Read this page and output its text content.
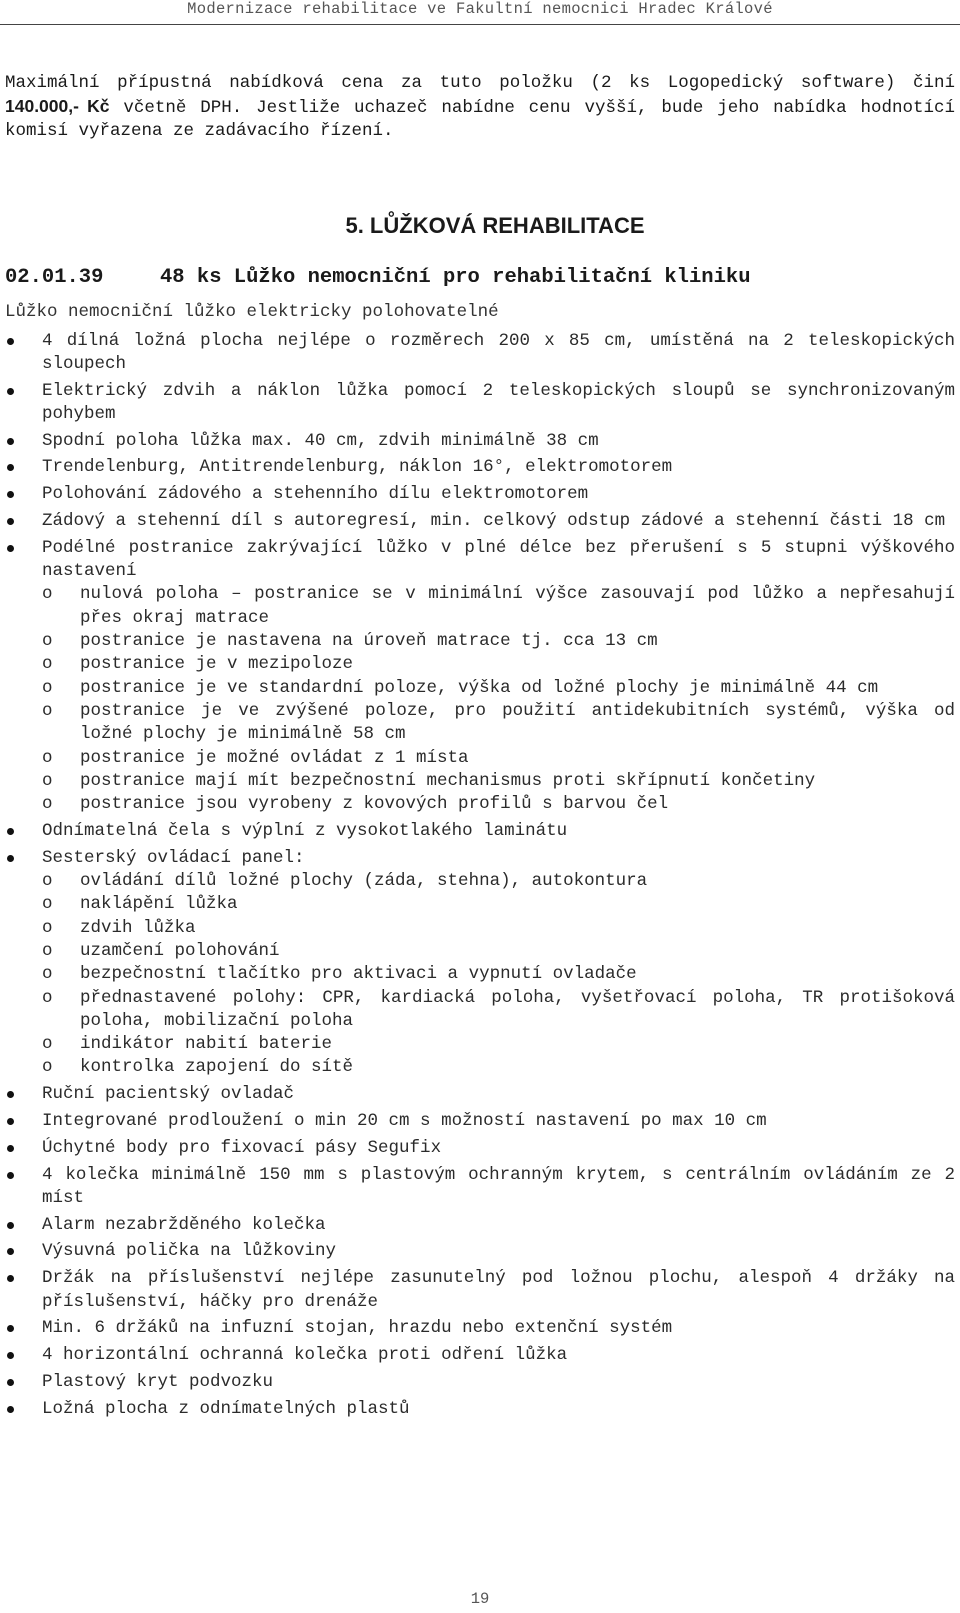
Modernizace rehabilitace ve Fakultní nemocnici Hradec Králové
Maximální přípustná nabídková cena za tuto položku (2 ks Logopedický software) činí 140.000,- Kč včetně DPH. Jestliže uchazeč nabídne cenu vyšší, bude jeho nabídka hodnotící komisí vyřazena ze zadávacího řízení.
5. LŮŽKOVÁ REHABILITACE
02.01.39	48 ks Lůžko nemocniční pro rehabilitační kliniku
Lůžko nemocniční lůžko elektricky polohovatelné
4 dílná ložná plocha nejlépe o rozměrech 200 x 85 cm, umístěná na 2 teleskopických sloupech
Elektrický zdvih a náklon lůžka pomocí 2 teleskopických sloupů se synchronizovaným pohybem
Spodní poloha lůžka max. 40 cm, zdvih minimálně 38 cm
Trendelenburg, Antitrendelenburg, náklon 16°, elektromotorem
Polohování zádového a stehenního dílu elektromotorem
Zádový a stehenní díl s autoregresí, min. celkový odstup zádové a stehenní části 18 cm
Podélné postranice zakrývající lůžko v plné délce bez přerušení s 5 stupni výškového nastavení
o nulová poloha – postranice se v minimální výšce zasouvají pod lůžko a nepřesahují přes okraj matrace
o postranice je nastavena na úroveň matrace tj. cca 13 cm
o postranice je v mezipoloze
o postranice je ve standardní poloze, výška od ložné plochy je minimálně 44 cm
o postranice je ve zvýšené poloze, pro použití antidekubitních systémů, výška od ložné plochy je minimálně 58 cm
o postranice je možné ovládat z 1 místa
o postranice mají mít bezpečnostní mechanismus proti skřípnutí končetiny
o postranice jsou vyrobeny z kovových profilů s barvou čel
Odnímatelná čela s výplní z vysokotlakého laminátu
Sesterský ovládací panel:
o ovládání dílů ložné plochy (záda, stehna), autokontura
o naklápění lůžka
o zdvih lůžka
o uzamčení polohování
o bezpečnostní tlačítko pro aktivaci a vypnutí ovladače
o přednastavené polohy: CPR, kardiacká poloha, vyšetřovací poloha, TR protišoková poloha, mobilizační poloha
o indikátor nabití baterie
o kontrolka zapojení do sítě
Ruční pacientský ovladač
Integrované prodloužení o min 20 cm s možností nastavení po max 10 cm
Úchytné body pro fixovací pásy Segufix
4 kolečka minimálně 150 mm s plastovým ochranným krytem, s centrálním ovládáním ze 2 míst
Alarm nezabržděného kolečka
Výsuvná polička na lůžkoviny
Držák na příslušenství nejlépe zasunutelný pod ložnou plochu, alespoň 4 držáky na příslušenství, háčky pro drenáže
Min. 6 držáků na infuzní stojan, hrazdu nebo extenční systém
4 horizontální ochranná kolečka proti odření lůžka
Plastový kryt podvozku
Ložná plocha z odnímatelných plastů
19
